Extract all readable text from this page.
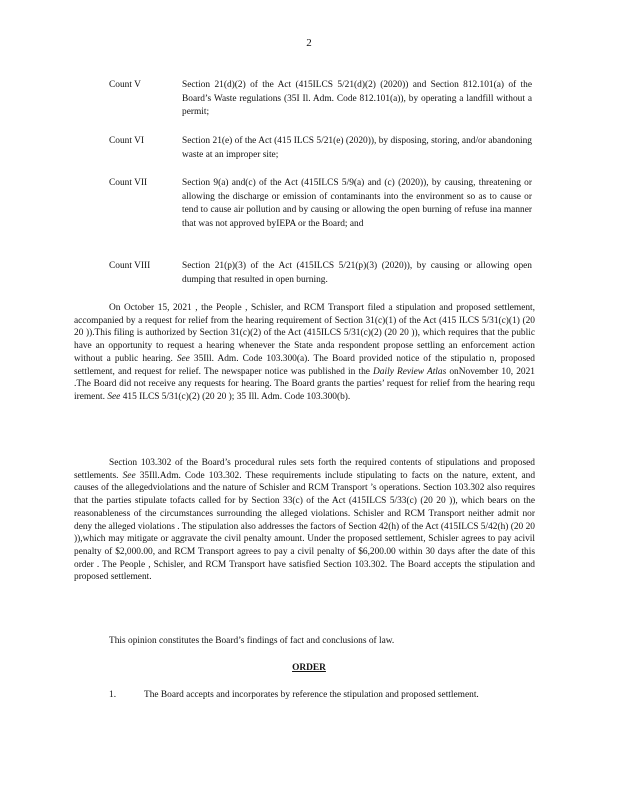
2
Count V	Section 21(d)(2) of the Act (415ILCS 5/21(d)(2) (2020)) and Section 812.101(a) of the Board’s Waste regulations (35I Il. Adm. Code 812.101(a)), by operating a landfill without a permit;
Count VI	Section 21(e) of the Act (415 ILCS 5/21(e) (2020)), by disposing, storing, and/or abandoning waste at an improper site;
Count VII	Section 9(a) and(c) of the Act (415ILCS 5/9(a) and (c) (2020)), by causing, threatening or allowing the discharge or emission of contaminants into the environment so as to cause or tend to cause air pollution and by causing or allowing the open burning of refuse ina manner that was not approved byIEPA or the Board; and
Count VIII	Section 21(p)(3) of the Act (415ILCS 5/21(p)(3) (2020)), by causing or allowing open dumping that resulted in open burning.

On October 15, 2021 , the People , Schisler, and RCM Transport filed a stipulation and proposed settlement, accompanied by a request for relief from the hearing requirement of Section 31(c)(1) of the Act (415 ILCS 5/31(c)(1) (20 20 )).This filing is authorized by Section 31(c)(2) of the Act (415ILCS 5/31(c)(2) (20 20 )), which requires that the public have an opportunity to request a hearing whenever the State anda respondent propose settling an enforcement action without a public hearing. See 35Ill. Adm. Code 103.300(a). The Board provided notice of the stipulatio n, proposed settlement, and request for relief. The newspaper notice was published in the Daily Review Atlas onNovember 10, 2021 .The Board did not receive any requests for hearing. The Board grants the parties’ request for relief from the hearing requ irement. See 415 ILCS 5/31(c)(2) (20 20 ); 35 Ill. Adm. Code 103.300(b).

Section 103.302 of the Board’s procedural rules sets forth the required contents of stipulations and proposed settlements. See 35Ill.Adm. Code 103.302. These requirements include stipulating to facts on the nature, extent, and causes of the allegedviolations and the nature of Schisler and RCM Transport ’s operations. Section 103.302 also requires that the parties stipulate tofacts called for by Section 33(c) of the Act (415ILCS 5/33(c) (20 20 )), which bears on the reasonableness of the circumstances surrounding the alleged violations. Schisler and RCM Transport neither admit nor deny the alleged violations . The stipulation also addresses the factors of Section 42(h) of the Act (415ILCS 5/42(h) (20 20 )),which may mitigate or aggravate the civil penalty amount. Under the proposed settlement, Schisler agrees to pay acivil penalty of $2,000.00, and RCM Transport agrees to pay a civil penalty of $6,200.00 within 30 days after the date of this order . The People , Schisler, and RCM Transport have satisfied Section 103.302. The Board accepts the stipulation and proposed settlement.

This opinion constitutes the Board’s findings of fact and conclusions of law.

ORDER
1.	The Board accepts and incorporates by reference the stipulation and proposed settlement.
